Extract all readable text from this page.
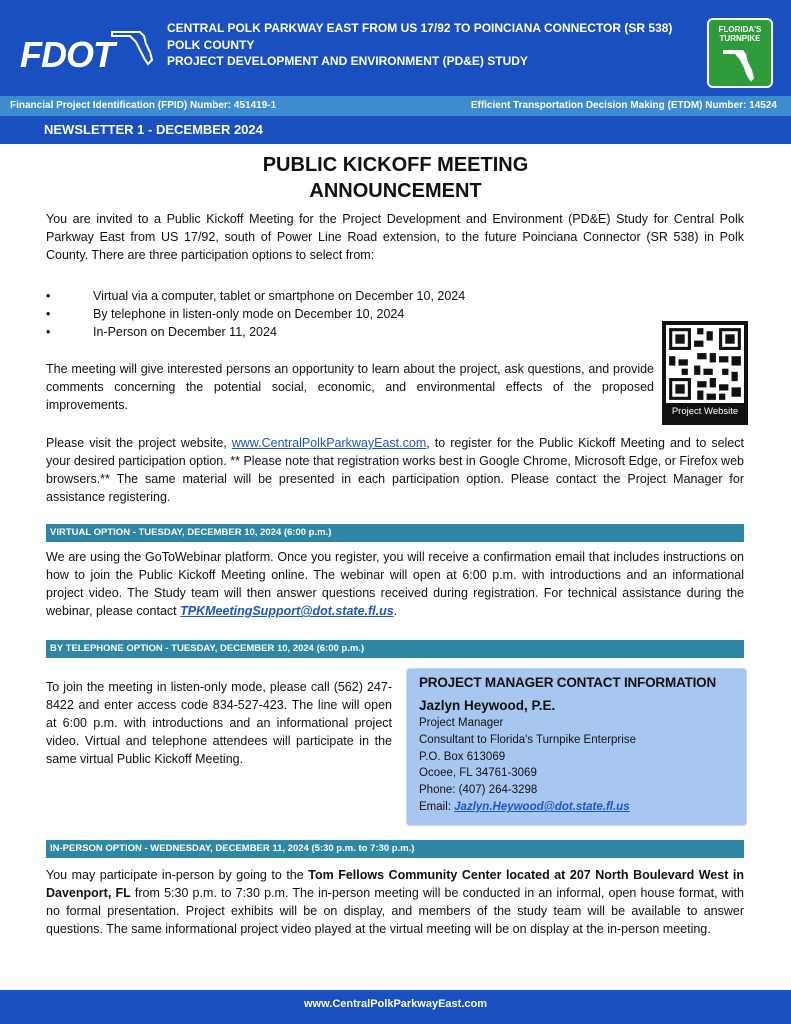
FDOT
CENTRAL POLK PARKWAY EAST FROM US 17/92 TO POINCIANA CONNECTOR (SR 538)
POLK COUNTY
PROJECT DEVELOPMENT AND ENVIRONMENT (PD&E) STUDY
FLORIDA'S
TURNPIKE
Financial Project Identification (FPID) Number: 451419-1	Efficient Transportation Decision Making (ETDM) Number: 14524
NEWSLETTER 1 - DECEMBER 2024
PUBLIC KICKOFF MEETING
ANNOUNCEMENT
You are invited to a Public Kickoff Meeting for the Project Development and Environment (PD&E) Study for Central Polk Parkway East from US 17/92, south of Power Line Road extension, to the future Poinciana Connector (SR 538) in Polk County. There are three participation options to select from:
•	Virtual via a computer, tablet or smartphone on December 10, 2024
•	By telephone in listen-only mode on December 10, 2024
•	In-Person on December 11, 2024
Project Website
The meeting will give interested persons an opportunity to learn about the project, ask questions, and provide comments concerning the potential social, economic, and environmental effects of the proposed improvements.
Please visit the project website, www.CentralPolkParkwayEast.com, to register for the Public Kickoff Meeting and to select your desired participation option. ** Please note that registration works best in Google Chrome, Microsoft Edge, or Firefox web browsers.** The same material will be presented in each participation option. Please contact the Project Manager for assistance registering.
VIRTUAL OPTION - TUESDAY, DECEMBER 10, 2024 (6:00 p.m.)
We are using the GoToWebinar platform. Once you register, you will receive a confirmation email that includes instructions on how to join the Public Kickoff Meeting online. The webinar will open at 6:00 p.m. with introductions and an informational project video. The Study team will then answer questions received during registration. For technical assistance during the webinar, please contact TPKMeetingSupport@dot.state.fl.us.
BY TELEPHONE OPTION - TUESDAY, DECEMBER 10, 2024 (6:00 p.m.)
To join the meeting in listen-only mode, please call (562) 247-8422 and enter access code 834-527-423. The line will open at 6:00 p.m. with introductions and an informational project video. Virtual and telephone attendees will participate in the same virtual Public Kickoff Meeting.
PROJECT MANAGER CONTACT INFORMATION
Jazlyn Heywood, P.E.
Project Manager
Consultant to Florida's Turnpike Enterprise
P.O. Box 613069
Ocoee, FL 34761-3069
Phone: (407) 264-3298
Email: Jazlyn.Heywood@dot.state.fl.us
IN-PERSON OPTION - WEDNESDAY, DECEMBER 11, 2024 (5:30 p.m. to 7:30 p.m.)
You may participate in-person by going to the Tom Fellows Community Center located at 207 North Boulevard West in Davenport, FL from 5:30 p.m. to 7:30 p.m. The in-person meeting will be conducted in an informal, open house format, with no formal presentation. Project exhibits will be on display, and members of the study team will be available to answer questions. The same informational project video played at the virtual meeting will be on display at the in-person meeting.
www.CentralPolkParkwayEast.com
